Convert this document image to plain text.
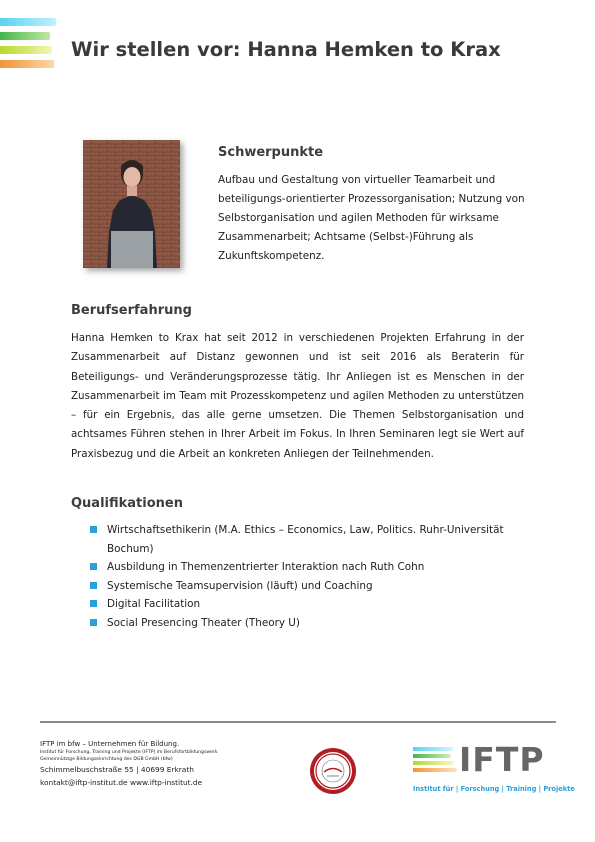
Wir stellen vor: Hanna Hemken to Krax
Schwerpunkte
Aufbau und Gestaltung von virtueller Teamarbeit und
beteiligungs-orientierter Prozessorganisation; Nutzung von
Selbstorganisation und agilen Methoden für wirksame
Zusammenarbeit; Achtsame (Selbst-)Führung als
Zukunftskompetenz.
Berufserfahrung

Hanna Hemken to Krax hat seit 2012 in verschiedenen Projekten Erfahrung in der Zusammenarbeit auf Distanz gewonnen und ist seit 2016 als Beraterin für Beteiligungs- und Veränderungsprozesse tätig. Ihr Anliegen ist es Menschen in der Zusammenarbeit im Team mit Prozesskompetenz und agilen Methoden zu unterstützen – für ein Ergebnis, das alle gerne umsetzen. Die Themen Selbstorganisation und achtsames Führen stehen in Ihrer Arbeit im Fokus. In Ihren Seminaren legt sie Wert auf Praxisbezug und die Arbeit an konkreten Anliegen der Teilnehmenden.

Qualifikationen
Wirtschaftsethikerin (M.A. Ethics – Economics, Law, Politics. Ruhr-Universität Bochum)
Ausbildung in Themenzentrierter Interaktion nach Ruth Cohn
Systemische Teamsupervision (läuft) und Coaching
Digital Facilitation
Social Presencing Theater (Theory U)
IFTP im bfw – Unternehmen für Bildung.
Institut für Forschung, Training und Projekte (IFTP) im Berufsfortbildungswerk
Gemeinnützige Bildungseinrichtung des DGB GmbH (bfw)
Schimmelbuschstraße 55 | 40699 Erkrath
kontakt@iftp-institut.de www.iftp-institut.de
IFTP
Institut für | Forschung | Training | Projekte
